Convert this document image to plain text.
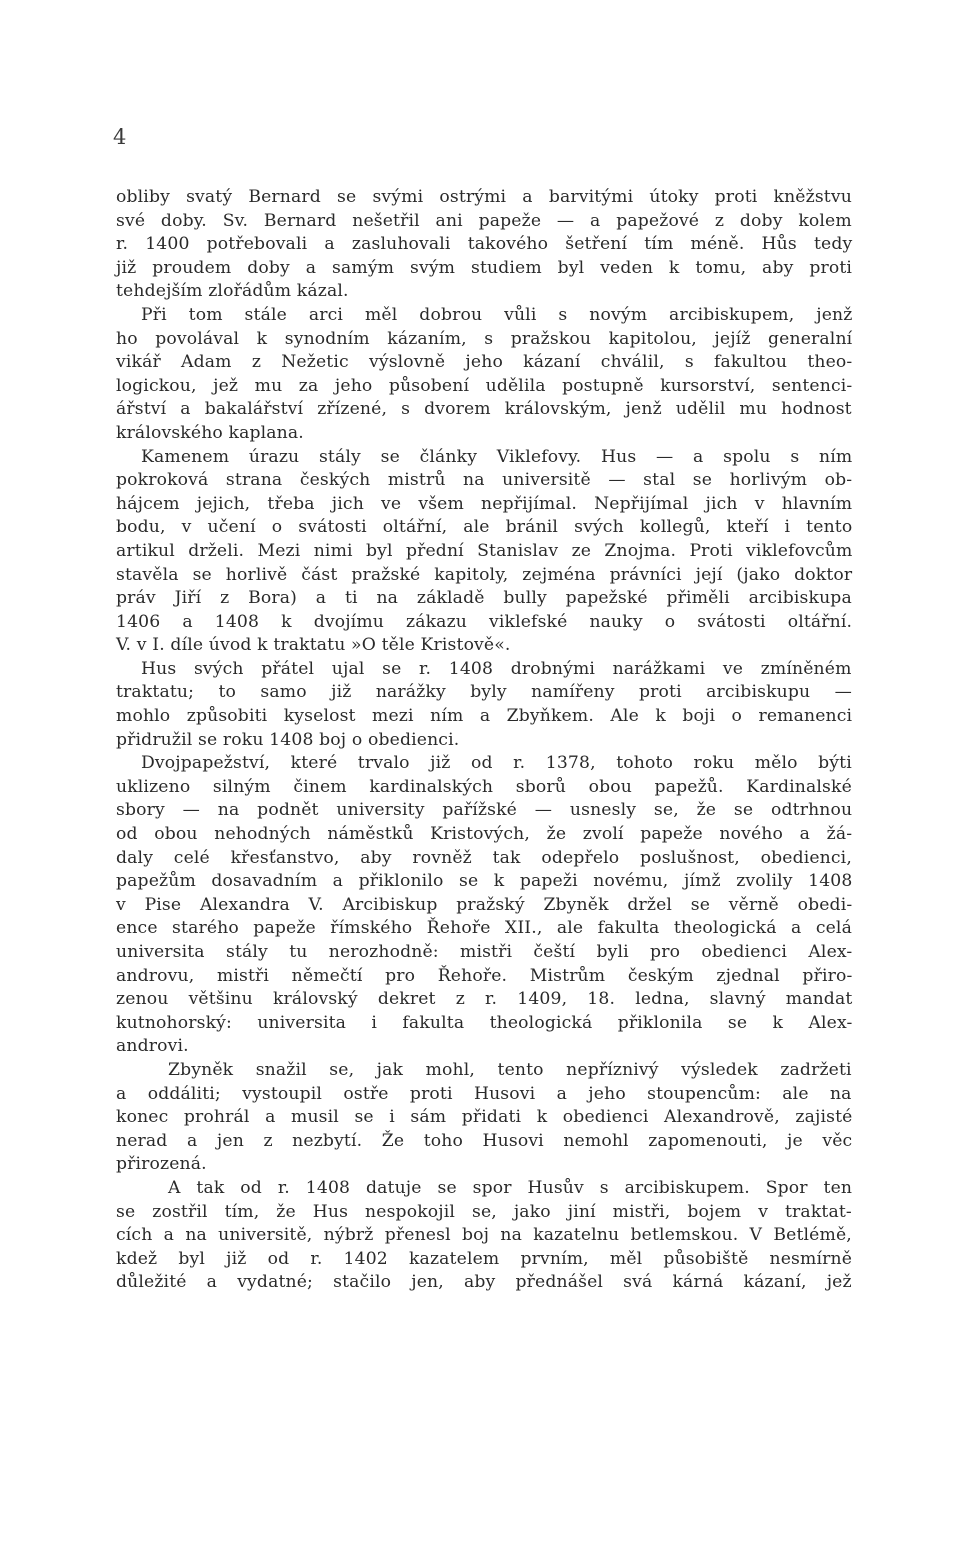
4
obliby svatý Bernard se svými ostrými a barvitými útoky proti kněžstvu
své doby. Sv. Bernard nešetřil ani papeže — a papežové z doby kolem
r. 1400 potřebovali a zasluhovali takového šetření tím méně. Hůs tedy
již proudem doby a samým svým studiem byl veden k tomu, aby proti
tehdejším zlořádům kázal.
Při tom stále arci měl dobrou vůli s novým arcibiskupem, jenž
ho povolával k synodním kázaním, s pražskou kapitolou, jejíž generalní
vikář Adam z Nežetic výslovně jeho kázaní chválil, s fakultou theo-
logickou, jež mu za jeho působení udělila postupně kursorství, sentenci-
ářství a bakalářství zřízené, s dvorem královským, jenž udělil mu hodnost
královského kaplana.
Kamenem úrazu stály se články Viklefovy. Hus — a spolu s ním
pokroková strana českých mistrů na universitě — stal se horlivým ob-
hájcem jejich, třeba jich ve všem nepřijímal. Nepřijímal jich v hlavním
bodu, v učení o svátosti oltářní, ale bránil svých kollegů, kteří i tento
artikul drželi. Mezi nimi byl přední Stanislav ze Znojma. Proti viklefovcům
stavěla se horlivě část pražské kapitoly, zejména právníci její (jako doktor
práv Jiří z Bora) a ti na základě bully papežské přiměli arcibiskupa
1406 a 1408 k dvojímu zákazu viklefské nauky o svátosti oltářní.
V. v I. díle úvod k traktatu »O těle Kristově«.
Hus svých přátel ujal se r. 1408 drobnými narážkami ve zmíněném
traktatu; to samo již narážky byly namířeny proti arcibiskupu —
mohlo způsobiti kyselost mezi ním a Zbyňkem. Ale k boji o remanenci
přidružil se roku 1408 boj o obedienci.
Dvojpapežství, které trvalo již od r. 1378, tohoto roku mělo býti
uklizeno silným činem kardinalských sborů obou papežů. Kardinalské
sbory — na podnět university pařížské — usnesly se, že se odtrhnou
od obou nehodných náměstků Kristových, že zvolí papeže nového a žá-
daly celé křesťanstvo, aby rovněž tak odepřelo poslušnost, obedienci,
papežům dosavadním a přiklonilo se k papeži novému, jímž zvolily 1408
v Pise Alexandra V. Arcibiskup pražský Zbyněk držel se věrně obedi-
ence starého papeže římského Řehoře XII., ale fakulta theologická a celá
universita stály tu nerozhodně: mistři čeští byli pro obedienci Alex-
androvu, mistři němečtí pro Řehoře. Mistrům českým zjednal přiro-
zenou většinu královský dekret z r. 1409, 18. ledna, slavný mandat
kutnohorský: universita i fakulta theologická přiklonila se k Alex-
androvi.
Zbyněk snažil se, jak mohl, tento nepříznivý výsledek zadržeti
a oddáliti; vystoupil ostře proti Husovi a jeho stoupencům: ale na
konec prohrál a musil se i sám přidati k obedienci Alexandrově, zajisté
nerad a jen z nezbytí. Že toho Husovi nemohl zapomenouti, je věc
přirozená.
A tak od r. 1408 datuje se spor Husův s arcibiskupem. Spor ten
se zostřil tím, že Hus nespokojil se, jako jiní mistři, bojem v traktat-
cích a na universitě, nýbrž přenesl boj na kazatelnu betlemskou. V Betlémě,
kdež byl již od r. 1402 kazatelem prvním, měl působiště nesmírně
důležité a vydatné; stačilo jen, aby přednášel svá kárná kázaní, jež
